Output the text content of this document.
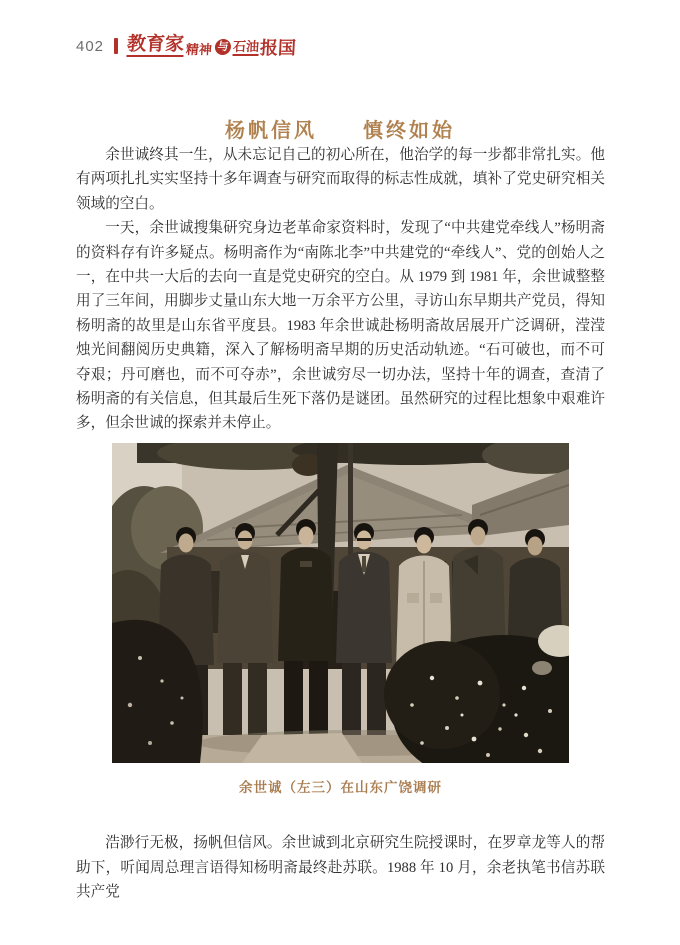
402 教育家 精神 与 石油 报国
杨帆信风　　慎终如始

余世诚终其一生，从未忘记自己的初心所在，他治学的每一步都非常扎实。他有两项扎扎实实坚持十多年调查与研究而取得的标志性成就，填补了党史研究相关领域的空白。

一天，余世诚搜集研究身边老革命家资料时，发现了“中共建党牵线人”杨明斋的资料存有许多疑点。杨明斋作为“南陈北李”中共建党的“牵线人”、党的创始人之一，在中共一大后的去向一直是党史研究的空白。从 1979 到 1981 年，余世诚整整用了三年间，用脚步丈量山东大地一万余平方公里，寻访山东早期共产党员，得知杨明斋的故里是山东省平度县。1983 年余世诚赴杨明斋故居展开广泛调研，滢滢烛光间翻阅历史典籍，深入了解杨明斋早期的历史活动轨迹。“石可破也，而不可夺艰；丹可磨也，而不可夺赤”，余世诚穷尽一切办法，坚持十年的调查，查清了杨明斋的有关信息，但其最后生死下落仍是谜团。虽然研究的过程比想象中艰难许多，但余世诚的探索并未停止。

余世诚（左三）在山东广饶调研

浩渺行无极，扬帆但信风。余世诚到北京研究生院授课时，在罗章龙等人的帮助下，听闻周总理言语得知杨明斋最终赴苏联。1988 年 10 月，余老执笔书信苏联共产党
